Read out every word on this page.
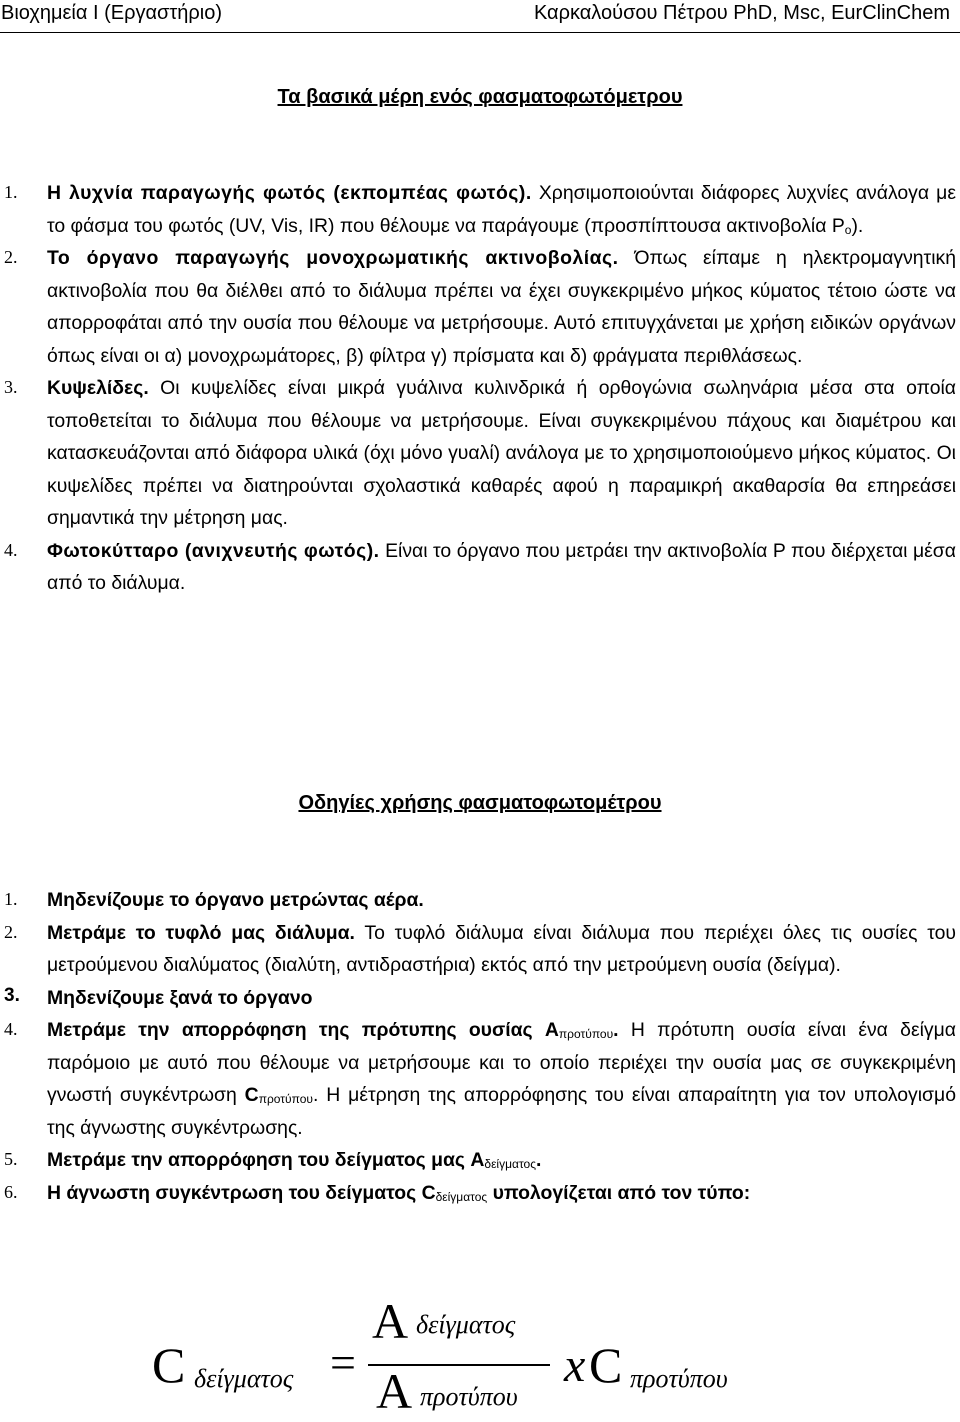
Βιοχημεία Ι (Εργαστήριο)	Καρκαλούσου Πέτρου PhD, Msc, EurClinChem
Τα βασικά μέρη ενός φασματοφωτόμετρου
1. Η λυχνία παραγωγής φωτός (εκπομπέας φωτός). Χρησιμοποιούνται διάφορες λυχνίες ανάλογα με το φάσμα του φωτός (UV, Vis, IR) που θέλουμε να παράγουμε (προσπίπτουσα ακτινοβολία $P_o$).
2. Το όργανο παραγωγής μονοχρωματικής ακτινοβολίας. Όπως είπαμε η ηλεκτρομαγνητική ακτινοβολία που θα διέλθει από το διάλυμα πρέπει να έχει συγκεκριμένο μήκος κύματος τέτοιο ώστε να απορροφάται από την ουσία που θέλουμε να μετρήσουμε. Αυτό επιτυγχάνεται με χρήση ειδικών οργάνων όπως είναι οι α) μονοχρωμάτορες, β) φίλτρα γ) πρίσματα και δ) φράγματα περιθλάσεως.
3. Κυψελίδες. Οι κυψελίδες είναι μικρά γυάλινα κυλινδρικά ή ορθογώνια σωληνάρια μέσα στα οποία τοποθετείται το διάλυμα που θέλουμε να μετρήσουμε. Είναι συγκεκριμένου πάχους και διαμέτρου και κατασκευάζονται από διάφορα υλικά (όχι μόνο γυαλί) ανάλογα με το χρησιμοποιούμενο μήκος κύματος. Οι κυψελίδες πρέπει να διατηρούνται σχολαστικά καθαρές αφού η παραμικρή ακαθαρσία θα επηρεάσει σημαντικά την μέτρηση μας.
4. Φωτοκύτταρο (ανιχνευτής φωτός). Είναι το όργανο που μετράει την ακτινοβολία P που διέρχεται μέσα από το διάλυμα.
Οδηγίες χρήσης φασματοφωτομέτρου
1. Μηδενίζουμε το όργανο μετρώντας αέρα.
2. Μετράμε το τυφλό μας διάλυμα. Το τυφλό διάλυμα είναι διάλυμα που περιέχει όλες τις ουσίες του μετρούμενου διαλύματος (διαλύτη, αντιδραστήρια) εκτός από την μετρούμενη ουσία (δείγμα).
3. Μηδενίζουμε ξανά το όργανο
4. Μετράμε την απορρόφηση της πρότυπης ουσίας $A_{\pi\rho o\tau ύ\pi o\upsilon}$. Η πρότυπη ουσία είναι ένα δείγμα παρόμοιο με αυτό που θέλουμε να μετρήσουμε και το οποίο περιέχει την ουσία μας σε συγκεκριμένη γνωστή συγκέντρωση $C_{\pi\rho o\tau ύ\pi o\upsilon}$. Η μέτρηση της απορρόφησης του είναι απαραίτητη για τον υπολογισμό της άγνωστης συγκέντρωσης.
5. Μετράμε την απορρόφηση του δείγματος μας $A_{\delta\varepsilon ί\gamma\mu\alpha\tau o\varsigma}$.
6. Η άγνωστη συγκέντρωση του δείγματος $C_{\delta\varepsilon ί\gamma\mu\alpha\tau o\varsigma}$ υπολογίζεται από τον τύπο:
C δείγματος =
A δείγματος
A προτύπου
x C προτύπου
